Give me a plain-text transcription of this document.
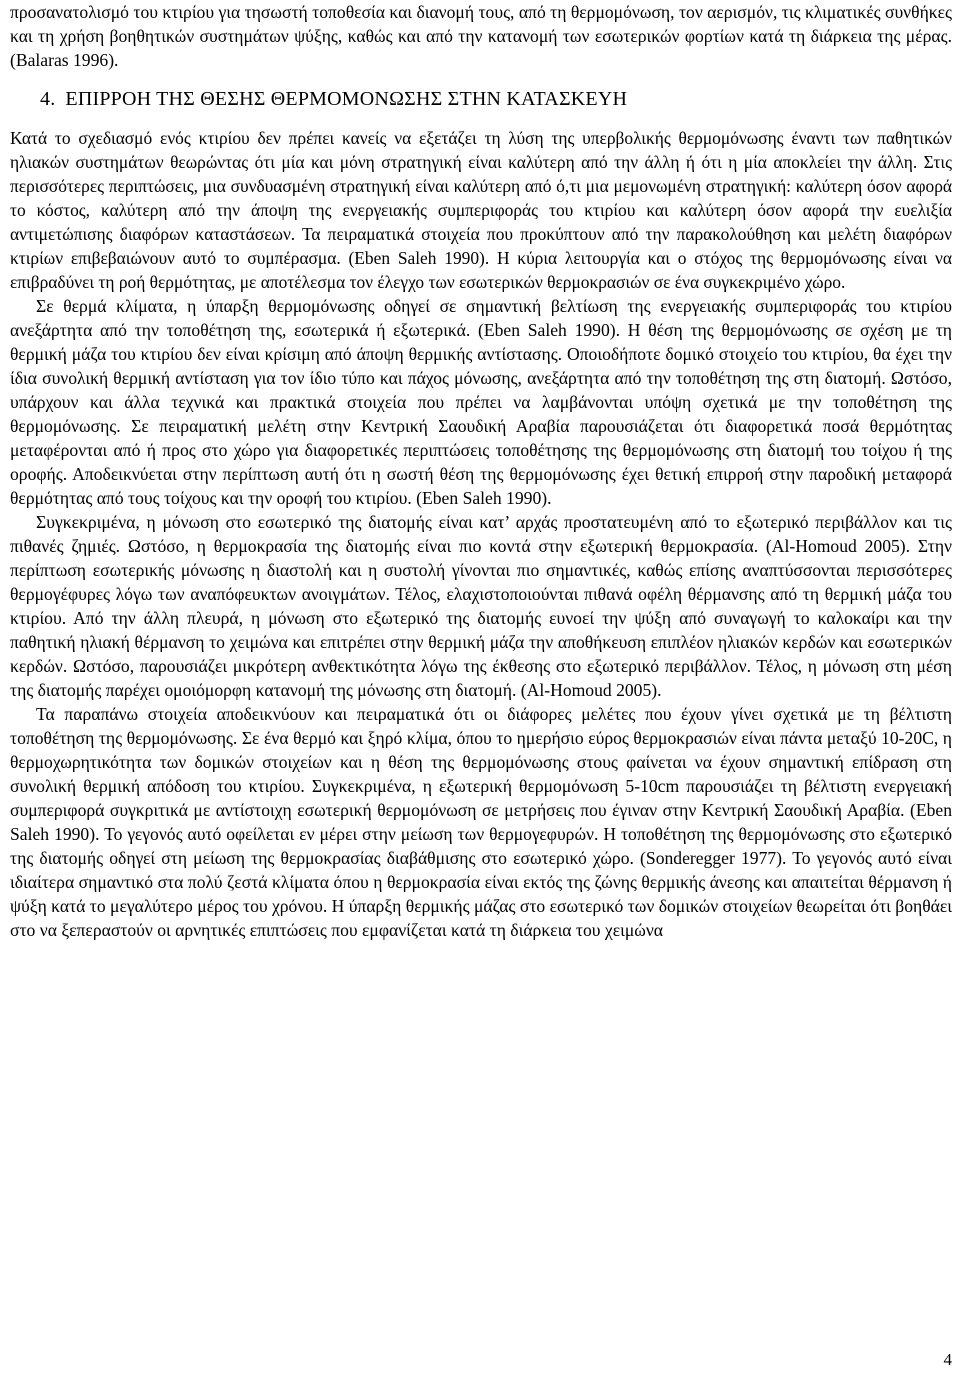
προσανατολισμό του κτιρίου για τησωστή τοποθεσία και διανομή τους, από τη θερμομόνωση, τον αερισμόν, τις κλιματικές συνθήκες και τη χρήση βοηθητικών συστημάτων ψύξης, καθώς και από την κατανομή των εσωτερικών φορτίων κατά τη διάρκεια της μέρας. (Balaras 1996).

4. ΕΠΙΡΡΟΗ ΤΗΣ ΘΕΣΗΣ ΘΕΡΜΟΜΟΝΩΣΗΣ ΣΤΗΝ ΚΑΤΑΣΚΕΥΗ

Κατά το σχεδιασμό ενός κτιρίου δεν πρέπει κανείς να εξετάζει τη λύση της υπερβολικής θερμομόνωσης έναντι των παθητικών ηλιακών συστημάτων θεωρώντας ότι μία και μόνη στρατηγική είναι καλύτερη από την άλλη ή ότι η μία αποκλείει την άλλη. Στις περισσότερες περιπτώσεις, μια συνδυασμένη στρατηγική είναι καλύτερη από ό,τι μια μεμονωμένη στρατηγική: καλύτερη όσον αφορά το κόστος, καλύτερη από την άποψη της ενεργειακής συμπεριφοράς του κτιρίου και καλύτερη όσον αφορά την ευελιξία αντιμετώπισης διαφόρων καταστάσεων. Τα πειραματικά στοιχεία που προκύπτουν από την παρακολούθηση και μελέτη διαφόρων κτιρίων επιβεβαιώνουν αυτό το συμπέρασμα. (Eben Saleh 1990). Η κύρια λειτουργία και ο στόχος της θερμομόνωσης είναι να επιβραδύνει τη ροή θερμότητας, με αποτέλεσμα τον έλεγχο των εσωτερικών θερμοκρασιών σε ένα συγκεκριμένο χώρο.

Σε θερμά κλίματα, η ύπαρξη θερμομόνωσης οδηγεί σε σημαντική βελτίωση της ενεργειακής συμπεριφοράς του κτιρίου ανεξάρτητα από την τοποθέτηση της, εσωτερικά ή εξωτερικά. (Eben Saleh 1990). Η θέση της θερμομόνωσης σε σχέση με τη θερμική μάζα του κτιρίου δεν είναι κρίσιμη από άποψη θερμικής αντίστασης. Οποιοδήποτε δομικό στοιχείο του κτιρίου, θα έχει την ίδια συνολική θερμική αντίσταση για τον ίδιο τύπο και πάχος μόνωσης, ανεξάρτητα από την τοποθέτηση της στη διατομή. Ωστόσο, υπάρχουν και άλλα τεχνικά και πρακτικά στοιχεία που πρέπει να λαμβάνονται υπόψη σχετικά με την τοποθέτηση της θερμομόνωσης. Σε πειραματική μελέτη στην Κεντρική Σαουδική Αραβία παρουσιάζεται ότι διαφορετικά ποσά θερμότητας μεταφέρονται από ή προς στο χώρο για διαφορετικές περιπτώσεις τοποθέτησης της θερμομόνωσης στη διατομή του τοίχου ή της οροφής. Αποδεικνύεται στην περίπτωση αυτή ότι η σωστή θέση της θερμομόνωσης έχει θετική επιρροή στην παροδική μεταφορά θερμότητας από τους τοίχους και την οροφή του κτιρίου. (Eben Saleh 1990).

Συγκεκριμένα, η μόνωση στο εσωτερικό της διατομής είναι κατ’ αρχάς προστατευμένη από το εξωτερικό περιβάλλον και τις πιθανές ζημιές. Ωστόσο, η θερμοκρασία της διατομής είναι πιο κοντά στην εξωτερική θερμοκρασία. (Al-Homoud 2005). Στην περίπτωση εσωτερικής μόνωσης η διαστολή και η συστολή γίνονται πιο σημαντικές, καθώς επίσης αναπτύσσονται περισσότερες θερμογέφυρες λόγω των αναπόφευκτων ανοιγμάτων. Τέλος, ελαχιστοποιούνται πιθανά οφέλη θέρμανσης από τη θερμική μάζα του κτιρίου. Από την άλλη πλευρά, η μόνωση στο εξωτερικό της διατομής ευνοεί την ψύξη από συναγωγή το καλοκαίρι και την παθητική ηλιακή θέρμανση το χειμώνα και επιτρέπει στην θερμική μάζα την αποθήκευση επιπλέον ηλιακών κερδών και εσωτερικών κερδών. Ωστόσο, παρουσιάζει μικρότερη ανθεκτικότητα λόγω της έκθεσης στο εξωτερικό περιβάλλον. Τέλος, η μόνωση στη μέση της διατομής παρέχει ομοιόμορφη κατανομή της μόνωσης στη διατομή. (Al-Homoud 2005).

Τα παραπάνω στοιχεία αποδεικνύουν και πειραματικά ότι οι διάφορες μελέτες που έχουν γίνει σχετικά με τη βέλτιστη τοποθέτηση της θερμομόνωσης. Σε ένα θερμό και ξηρό κλίμα, όπου το ημερήσιο εύρος θερμοκρασιών είναι πάντα μεταξύ 10-20C, η θερμοχωρητικότητα των δομικών στοιχείων και η θέση της θερμομόνωσης στους φαίνεται να έχουν σημαντική επίδραση στη συνολική θερμική απόδοση του κτιρίου. Συγκεκριμένα, η εξωτερική θερμομόνωση 5-10cm παρουσιάζει τη βέλτιστη ενεργειακή συμπεριφορά συγκριτικά με αντίστοιχη εσωτερική θερμομόνωση σε μετρήσεις που έγιναν στην Κεντρική Σαουδική Αραβία. (Eben Saleh 1990). Το γεγονός αυτό οφείλεται εν μέρει στην μείωση των θερμογεφυρών. Η τοποθέτηση της θερμομόνωσης στο εξωτερικό της διατομής οδηγεί στη μείωση της θερμοκρασίας διαβάθμισης στο εσωτερικό χώρο. (Sonderegger 1977). Το γεγονός αυτό είναι ιδιαίτερα σημαντικό στα πολύ ζεστά κλίματα όπου η θερμοκρασία είναι εκτός της ζώνης θερμικής άνεσης και απαιτείται θέρμανση ή ψύξη κατά το μεγαλύτερο μέρος του χρόνου. Η ύπαρξη θερμικής μάζας στο εσωτερικό των δομικών στοιχείων θεωρείται ότι βοηθάει στο να ξεπεραστούν οι αρνητικές επιπτώσεις που εμφανίζεται κατά τη διάρκεια του χειμώνα

4
